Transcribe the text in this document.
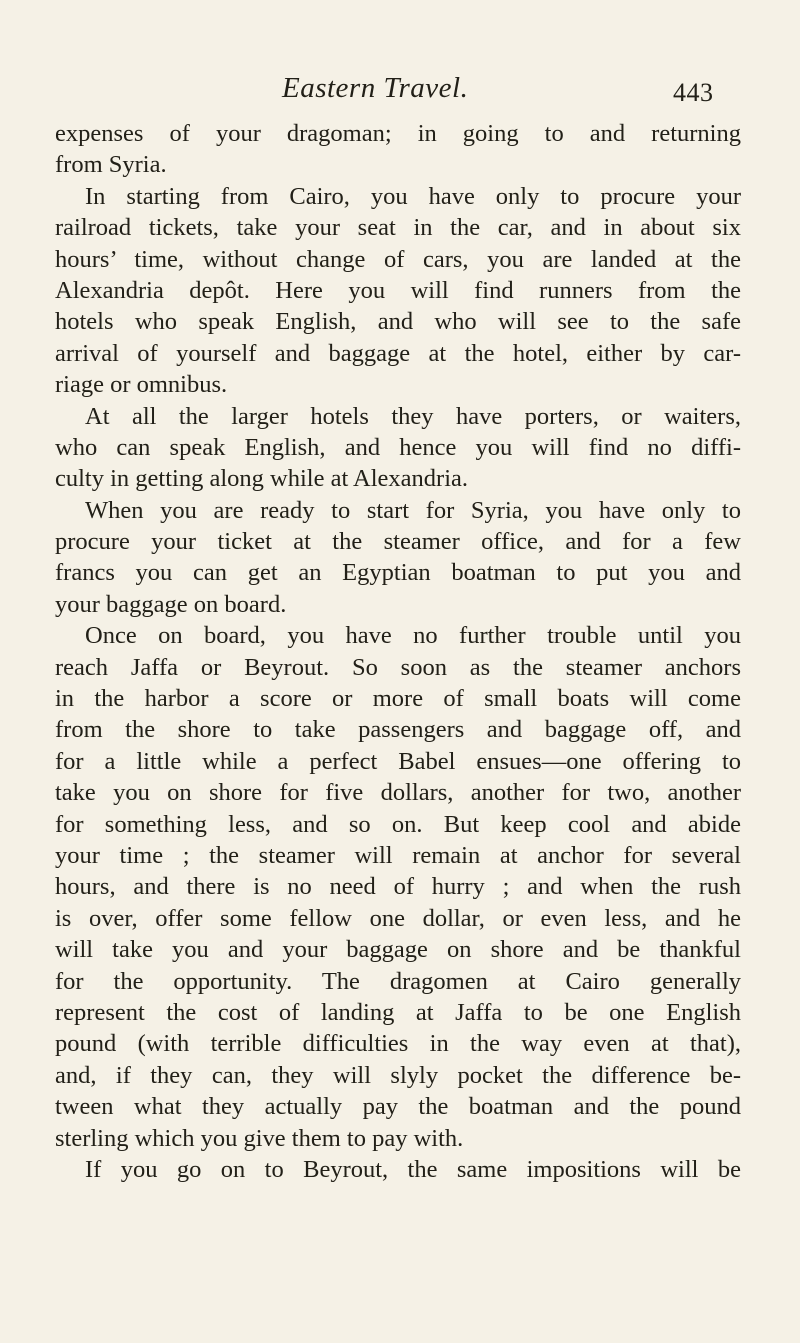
Eastern Travel.	443
expenses of your dragoman; in going to and returning
from Syria.
In starting from Cairo, you have only to procure your
railroad tickets, take your seat in the car, and in about six
hours’ time, without change of cars, you are landed at the
Alexandria depôt. Here you will find runners from the
hotels who speak English, and who will see to the safe
arrival of yourself and baggage at the hotel, either by car-
riage or omnibus.
At all the larger hotels they have porters, or waiters,
who can speak English, and hence you will find no diffi-
culty in getting along while at Alexandria.
When you are ready to start for Syria, you have only to
procure your ticket at the steamer office, and for a few
francs you can get an Egyptian boatman to put you and
your baggage on board.
Once on board, you have no further trouble until you
reach Jaffa or Beyrout. So soon as the steamer anchors
in the harbor a score or more of small boats will come
from the shore to take passengers and baggage off, and
for a little while a perfect Babel ensues—one offering to
take you on shore for five dollars, another for two, another
for something less, and so on. But keep cool and abide
your time ; the steamer will remain at anchor for several
hours, and there is no need of hurry ; and when the rush
is over, offer some fellow one dollar, or even less, and he
will take you and your baggage on shore and be thankful
for the opportunity. The dragomen at Cairo generally
represent the cost of landing at Jaffa to be one English
pound (with terrible difficulties in the way even at that),
and, if they can, they will slyly pocket the difference be-
tween what they actually pay the boatman and the pound
sterling which you give them to pay with.
If you go on to Beyrout, the same impositions will be
